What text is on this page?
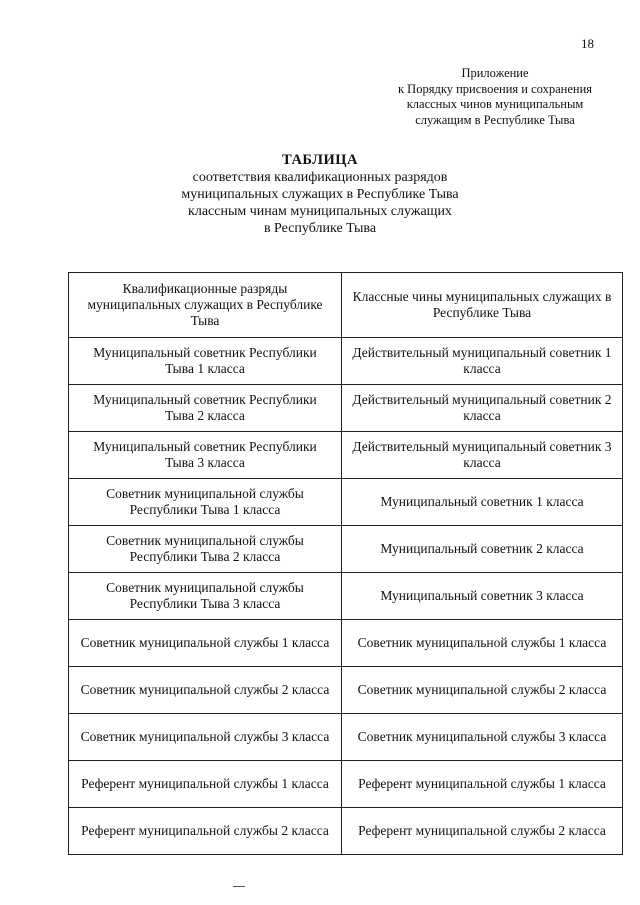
18
Приложение
к Порядку присвоения и сохранения
классных чинов муниципальным
служащим в Республике Тыва
ТАБЛИЦА
соответствия квалификационных разрядов
муниципальных служащих в Республике Тыва
классным чинам муниципальных служащих
в Республике Тыва
Квалификационные разряды муниципальных служащих в Республике Тыва	Классные чины муниципальных служащих в Республике Тыва
Муниципальный советник Республики Тыва 1 класса	Действительный муниципальный советник 1 класса
Муниципальный советник Республики Тыва 2 класса	Действительный муниципальный советник 2 класса
Муниципальный советник Республики Тыва 3 класса	Действительный муниципальный советник 3 класса
Советник муниципальной службы Республики Тыва 1 класса	Муниципальный советник 1 класса
Советник муниципальной службы Республики Тыва 2 класса	Муниципальный советник 2 класса
Советник муниципальной службы Республики Тыва 3 класса	Муниципальный советник 3 класса
Советник муниципальной службы 1 класса	Советник муниципальной службы 1 класса
Советник муниципальной службы 2 класса	Советник муниципальной службы 2 класса
Советник муниципальной службы 3 класса	Советник муниципальной службы 3 класса
Референт муниципальной службы 1 класса	Референт муниципальной службы 1 класса
Референт муниципальной службы 2 класса	Референт муниципальной службы 2 класса
